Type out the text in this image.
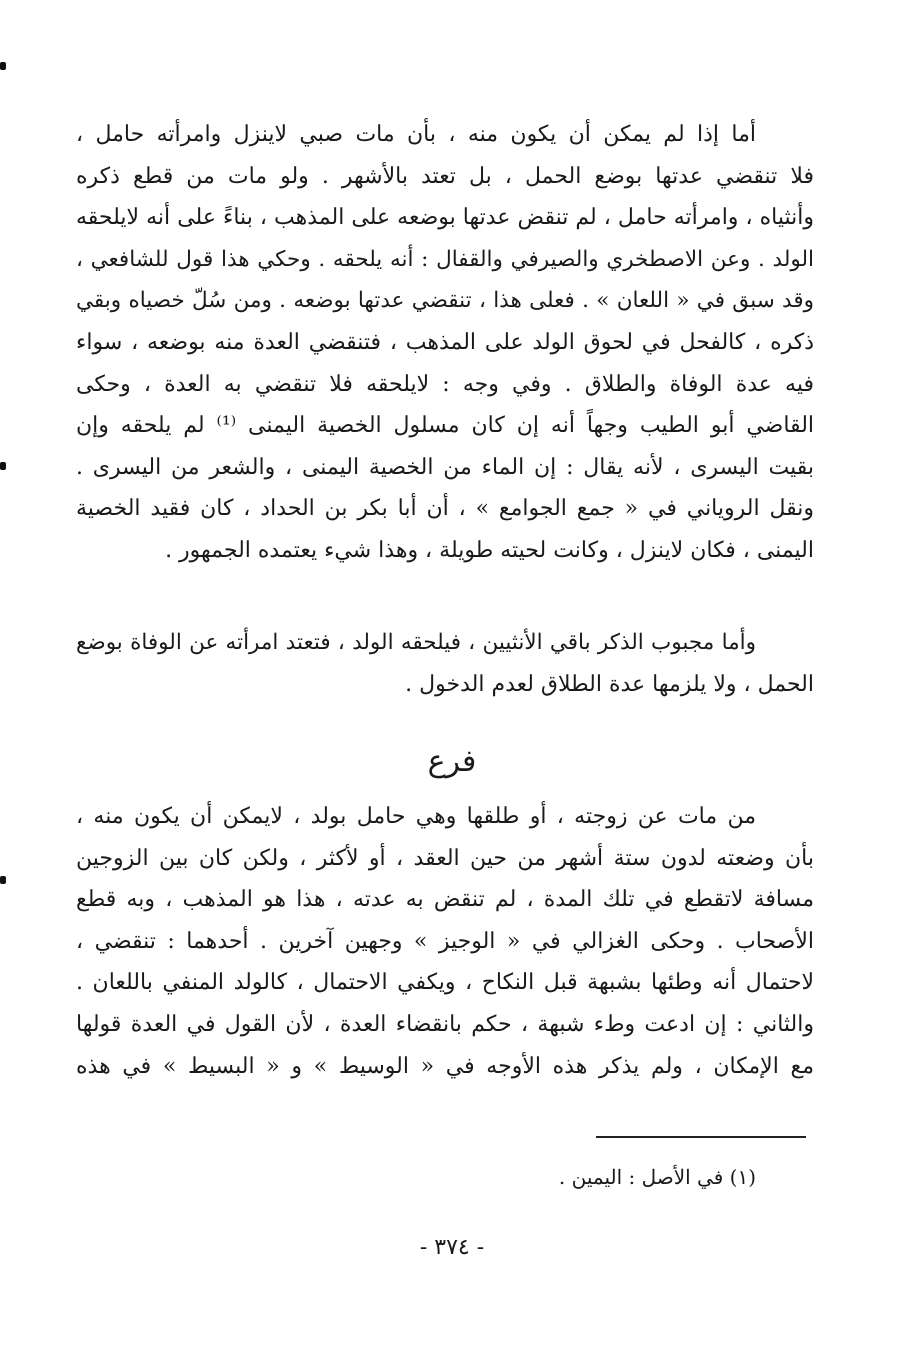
أما إذا لم يمكن أن يكون منه ، بأن مات صبي لاينزل وامرأته حامل ،
فلا تنقضي عدتها بوضع الحمل ، بل تعتد بالأشهر . ولو مات من قطع ذكره
وأنثياه ، وامرأته حامل ، لم تنقض عدتها بوضعه على المذهب ، بناءً على أنه لايلحقه
الولد . وعن الاصطخري والصيرفي والقفال : أنه يلحقه . وحكي هذا قول للشافعي ،
وقد سبق في « اللعان » . فعلى هذا ، تنقضي عدتها بوضعه . ومن سُلّ خصياه وبقي
ذكره ، كالفحل في لحوق الولد على المذهب ، فتنقضي العدة منه بوضعه ، سواء
فيه عدة الوفاة والطلاق . وفي وجه : لايلحقه فلا تنقضي به العدة ، وحكى
القاضي أبو الطيب وجهاً أنه إن كان مسلول الخصية اليمنى ⁽¹⁾ لم يلحقه وإن
بقيت اليسرى ، لأنه يقال : إن الماء من الخصية اليمنى ، والشعر من اليسرى .
ونقل الروياني في « جمع الجوامع » ، أن أبا بكر بن الحداد ، كان فقيد الخصية
اليمنى ، فكان لاينزل ، وكانت لحيته طويلة ، وهذا شيء يعتمده الجمهور .
وأما مجبوب الذكر باقي الأنثيين ، فيلحقه الولد ، فتعتد امرأته عن الوفاة بوضع
الحمل ، ولا يلزمها عدة الطلاق لعدم الدخول .
فرع
من مات عن زوجته ، أو طلقها وهي حامل بولد ، لايمكن أن يكون منه ،
بأن وضعته لدون ستة أشهر من حين العقد ، أو لأكثر ، ولكن كان بين الزوجين
مسافة لاتقطع في تلك المدة ، لم تنقض به عدته ، هذا هو المذهب ، وبه قطع
الأصحاب . وحكى الغزالي في « الوجيز » وجهين آخرين . أحدهما : تنقضي ،
لاحتمال أنه وطئها بشبهة قبل النكاح ، ويكفي الاحتمال ، كالولد المنفي باللعان .
والثاني : إن ادعت وطء شبهة ، حكم بانقضاء العدة ، لأن القول في العدة قولها
مع الإمكان ، ولم يذكر هذه الأوجه في « الوسيط » و « البسيط » في هذه
(١) في الأصل : اليمين .
- ٣٧٤ -
